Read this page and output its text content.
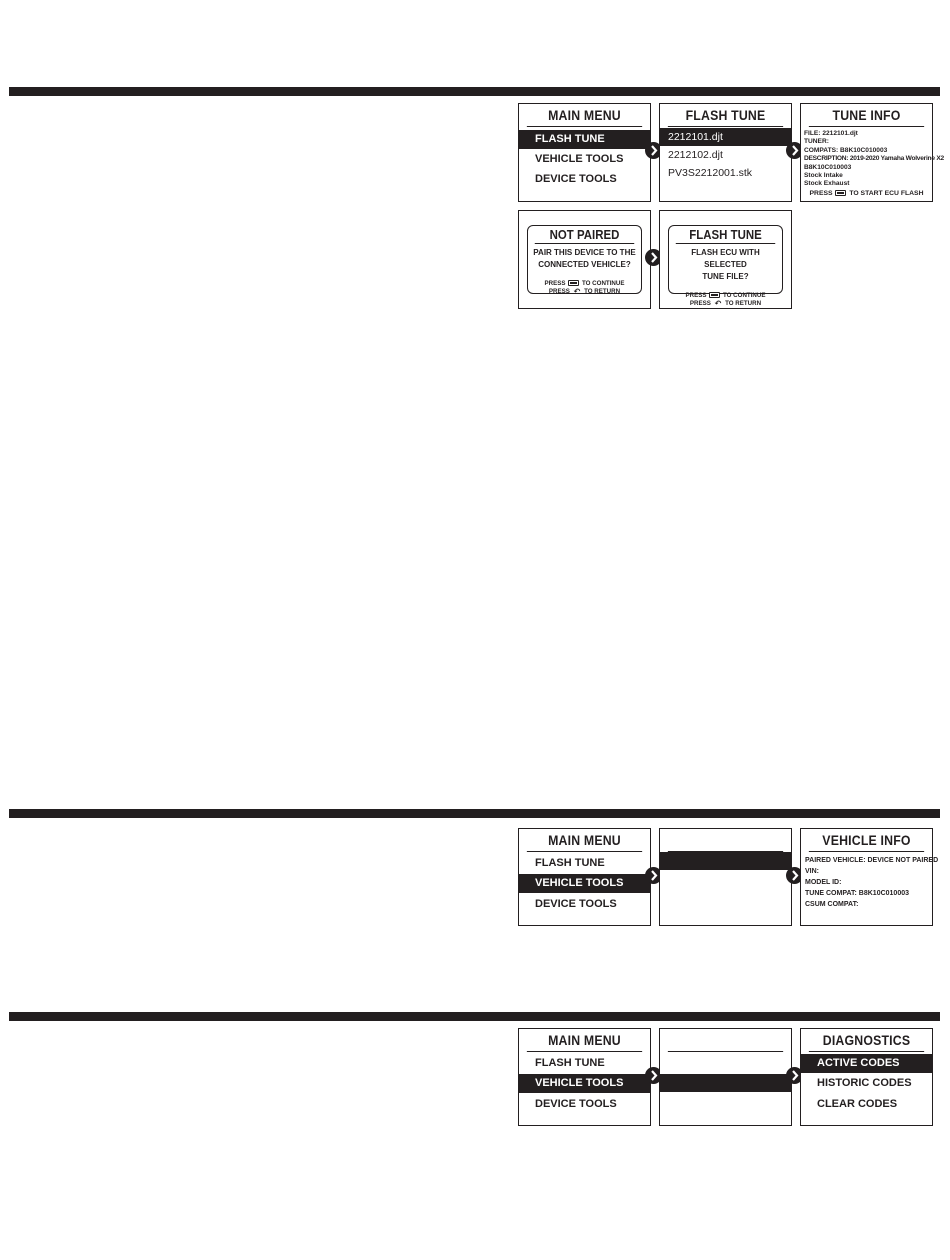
MAIN MENU
FLASH TUNE
VEHICLE TOOLS
DEVICE TOOLS
FLASH TUNE
2212101.djt
2212102.djt
PV3S2212001.stk
TUNE INFO
FILE: 2212101.djt
TUNER:
COMPATS: B8K10C010003
DESCRIPTION: 2019-2020 Yamaha Wolverine X2
B8K10C010003
Stock Intake
Stock Exhaust
PRESS TO START ECU FLASH
NOT PAIRED
PAIR THIS DEVICE TO THE
CONNECTED VEHICLE?
PRESS	TO CONTINUE
PRESS ↶ TO RETURN
FLASH TUNE
FLASH ECU WITH SELECTED
TUNE FILE?
PRESS	TO CONTINUE
PRESS ↶ TO RETURN
MAIN MENU
FLASH TUNE
VEHICLE TOOLS
DEVICE TOOLS
VEHICLE INFO
PAIRED VEHICLE: DEVICE NOT PAIRED
VIN:
MODEL ID:
TUNE COMPAT: B8K10C010003
CSUM COMPAT:
MAIN MENU
FLASH TUNE
VEHICLE TOOLS
DEVICE TOOLS
DIAGNOSTICS
ACTIVE CODES
HISTORIC CODES
CLEAR CODES
